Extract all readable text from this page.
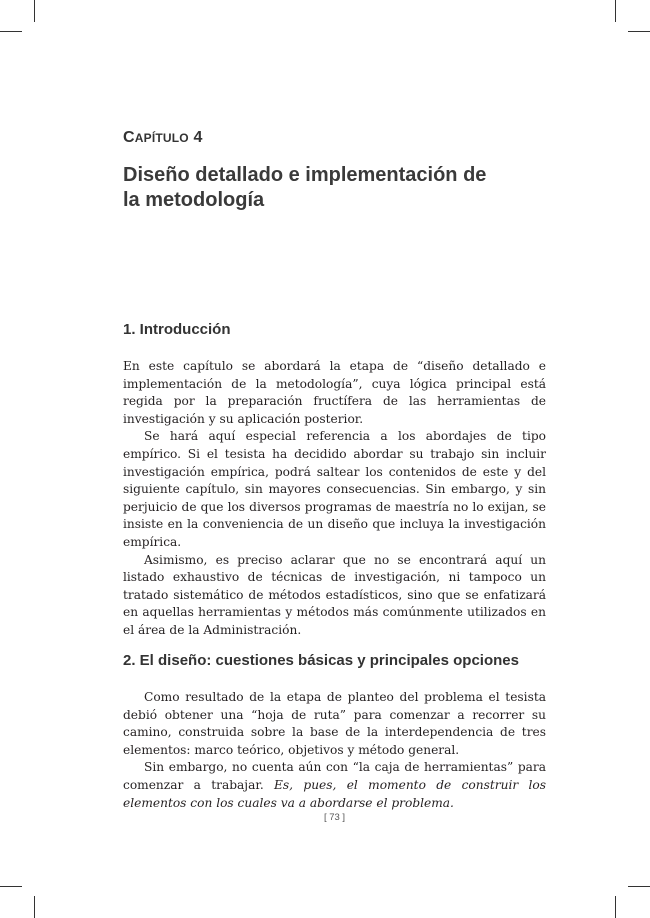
CAPÍTULO 4
Diseño detallado e implementación de
la metodología
1. Introducción

En este capítulo se abordará la etapa de “diseño detallado e implementación de la metodología”, cuya lógica principal está regida por la preparación fructífera de las herramientas de investigación y su aplicación posterior.

Se hará aquí especial referencia a los abordajes de tipo empírico. Si el tesista ha decidido abordar su trabajo sin incluir investigación empírica, podrá saltear los contenidos de este y del siguiente capítulo, sin mayores consecuencias. Sin embargo, y sin perjuicio de que los diversos programas de maestría no lo exijan, se insiste en la conveniencia de un diseño que incluya la investigación empírica.

Asimismo, es preciso aclarar que no se encontrará aquí un listado exhaustivo de técnicas de investigación, ni tampoco un tratado sistemático de métodos estadísticos, sino que se enfatizará en aquellas herramientas y métodos más comúnmente utilizados en el área de la Administración.

2. El diseño: cuestiones básicas y principales opciones

Como resultado de la etapa de planteo del problema el tesista debió obtener una “hoja de ruta” para comenzar a recorrer su camino, construida sobre la base de la interdependencia de tres elementos: marco teórico, objetivos y método general.

Sin embargo, no cuenta aún con “la caja de herramientas” para comenzar a trabajar. Es, pues, el momento de construir los elementos con los cuales va a abordarse el problema.

[ 73 ]
